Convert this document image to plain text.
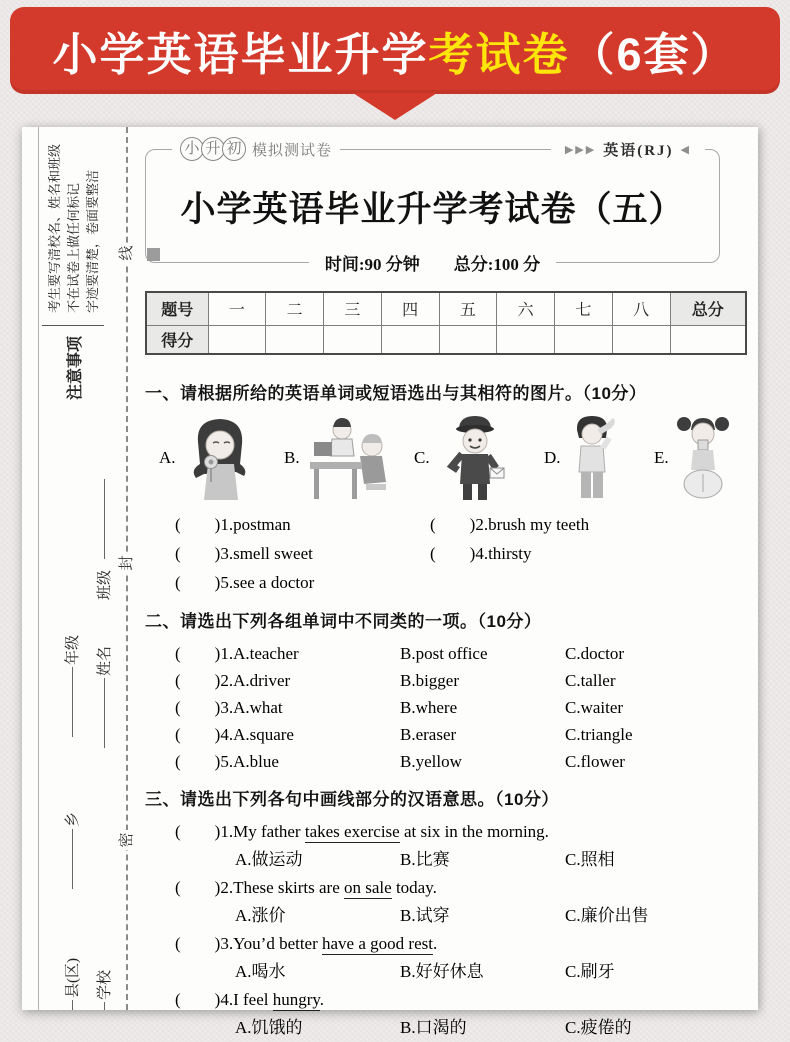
小学英语毕业升学 考试卷 （6套）
线
封
密
注意事项

考生要写清校名、姓名和班级 不在试卷上做任何标记 字迹要清楚，卷面要整洁

班级
年级 姓名
乡
县(区) 学校
小 升 初 模拟测试卷	▶▶▶ 英语(RJ) ◀
小学英语毕业升学考试卷（五）
时间:90 分钟 总分:100 分
题号	一	二	三	四	五	六	七	八	总分
得分									
一、请根据所给的英语单词或短语选出与其相符的图片。（10分）
A.	B.	C.	D.	E.
(　　)1.postman	(　　)2.brush my teeth
(　　)3.smell sweet	(　　)4.thirsty
(　　)5.see a doctor
二、请选出下列各组单词中不同类的一项。（10分）
(　　)1.A.teacher	B.post office	C.doctor
(　　)2.A.driver	B.bigger	C.taller
(　　)3.A.what	B.where	C.waiter
(　　)4.A.square	B.eraser	C.triangle
(　　)5.A.blue	B.yellow	C.flower
三、请选出下列各句中画线部分的汉语意思。（10分）
(　　)1.My father takes exercise at six in the morning.
A.做运动	B.比赛	C.照相
(　　)2.These skirts are on sale today.
A.涨价	B.试穿	C.廉价出售
(　　)3.You’d better have a good rest.
A.喝水	B.好好休息	C.刷牙
(　　)4.I feel hungry.
A.饥饿的	B.口渴的	C.疲倦的
